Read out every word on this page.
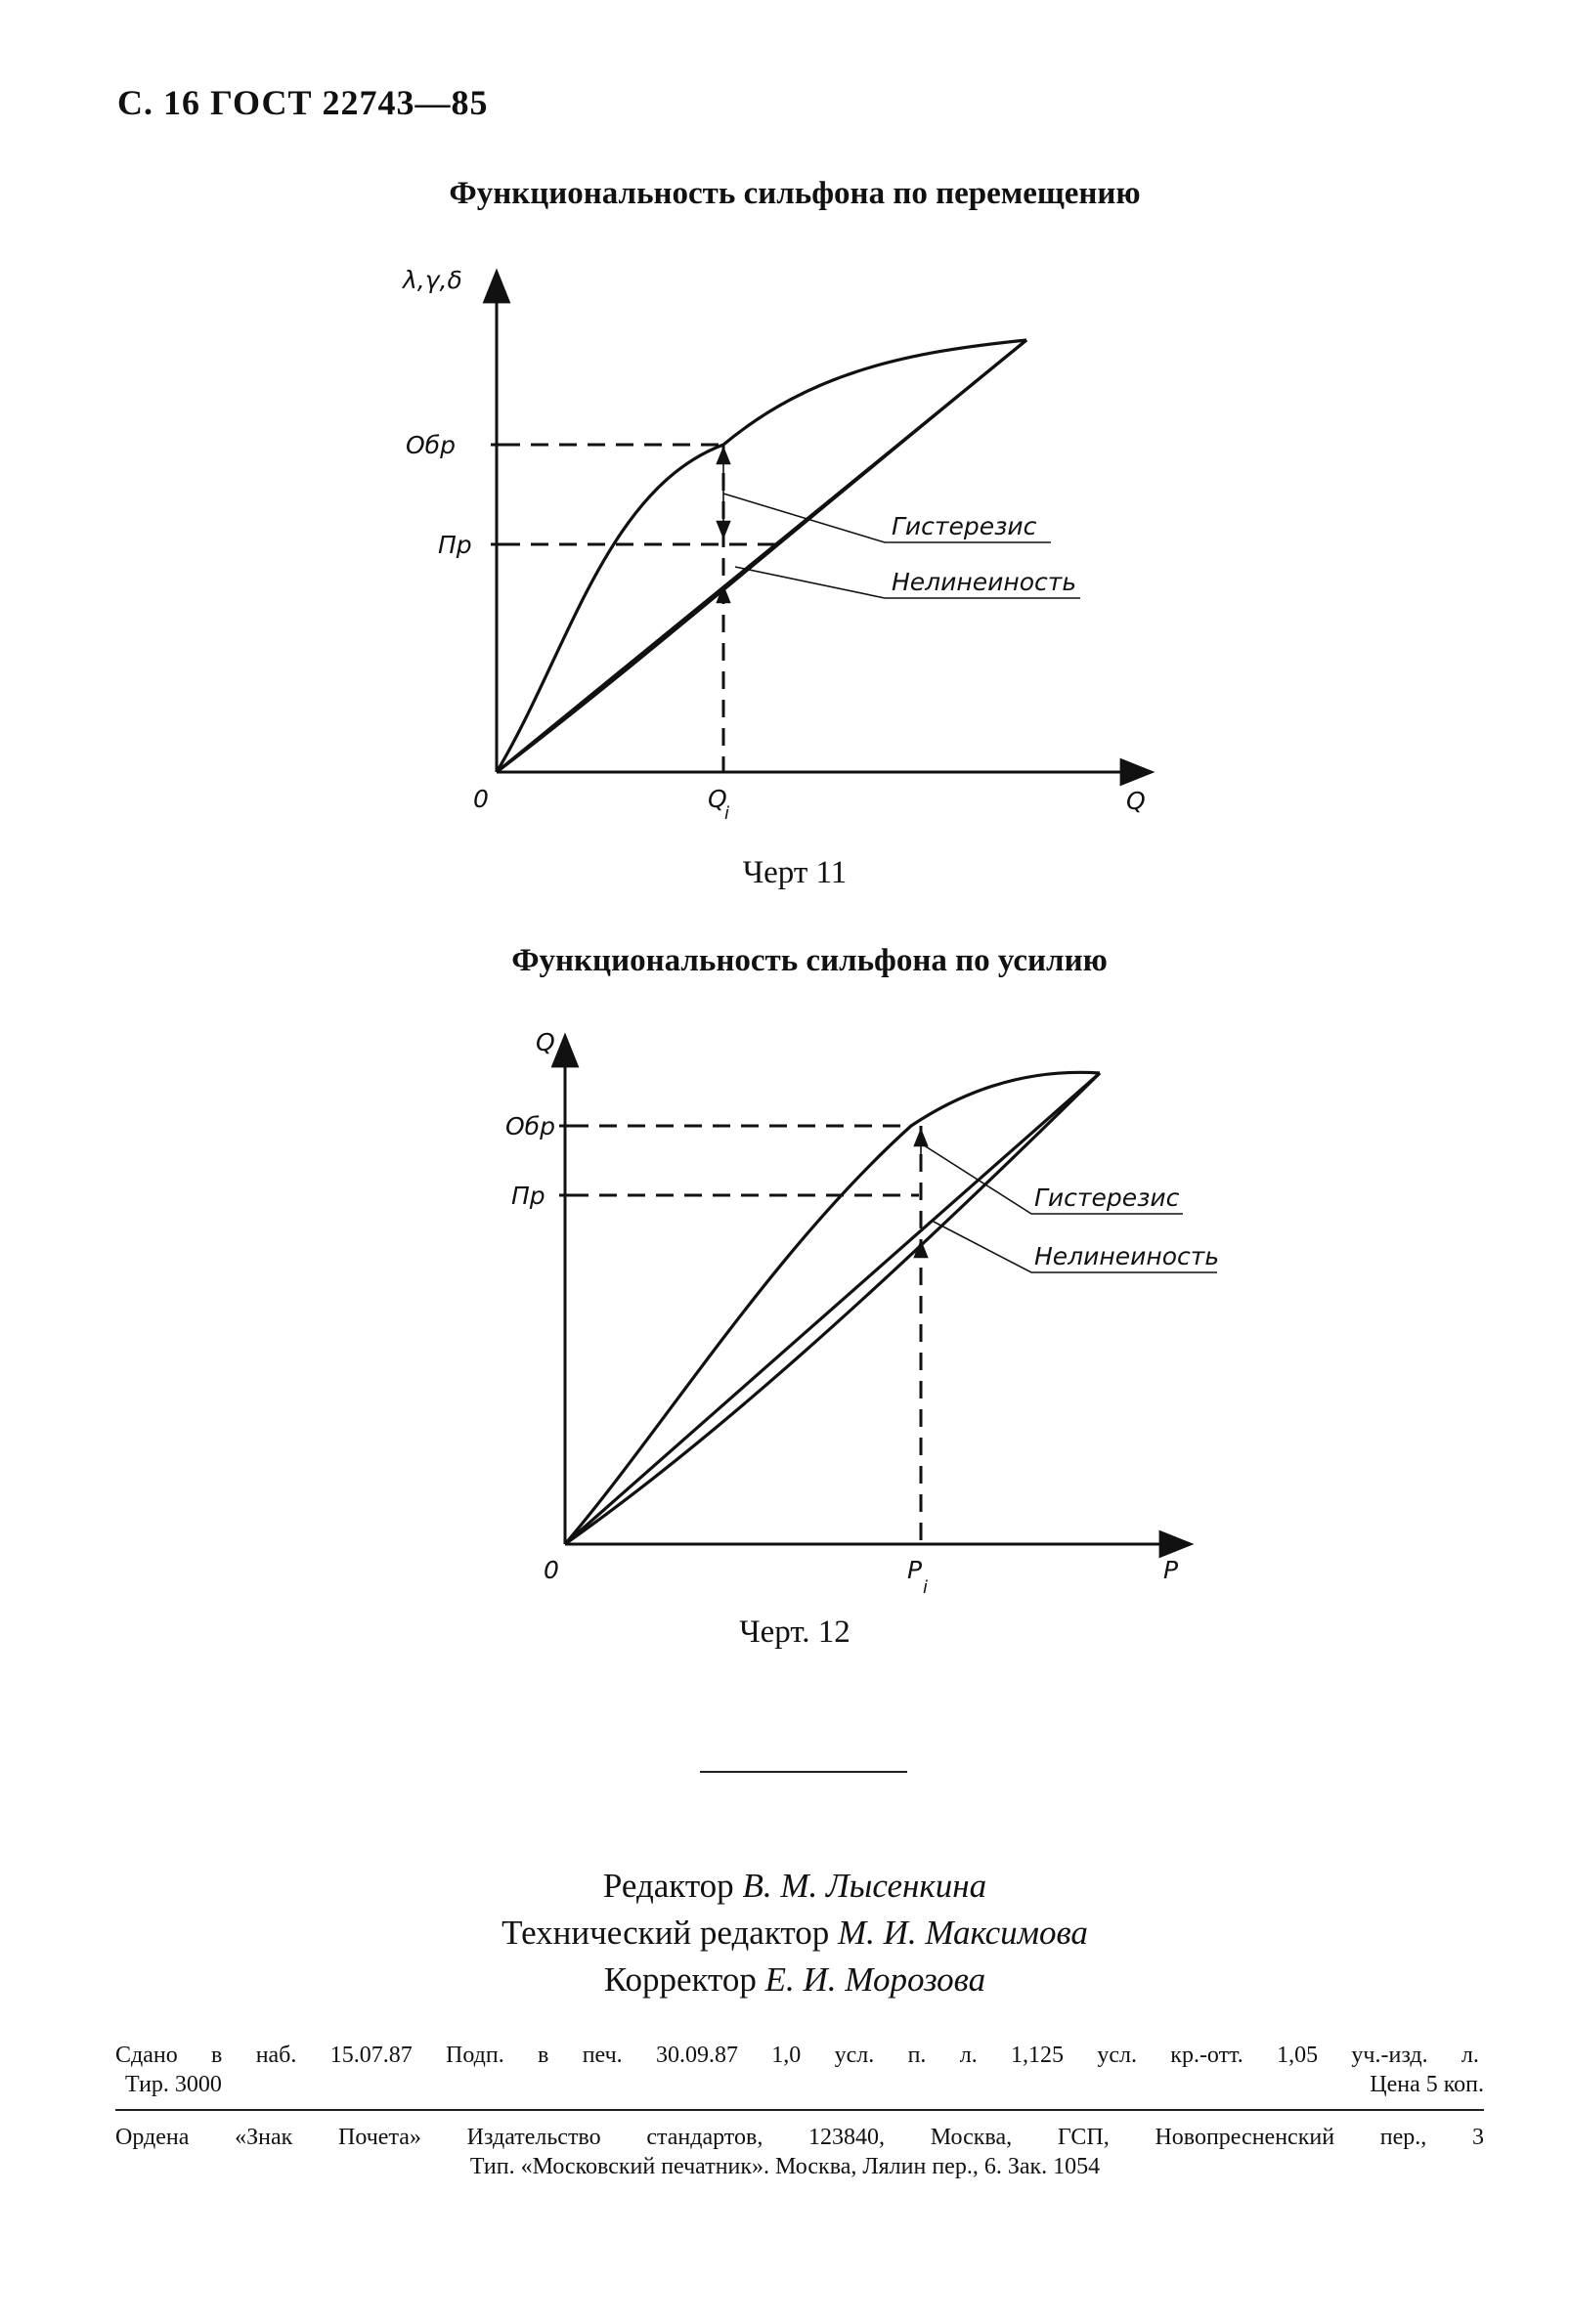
С. 16 ГОСТ 22743—85
Функциональность сильфона по перемещению
λ,γ,δ
Обр
Пр
0	Q
i	Q
Гистерезис
Нелинеиность
Черт 11
Функциональность сильфона по усилию
Q
Обр
Пр
0	P
i
P
Гистерезис
Нелинеиность
Черт. 12
Редактор В. М. Лысенкина
Технический редактор М. И. Максимова
Корректор Е. И. Морозова
Сдано в наб. 15.07.87 Подп. в печ. 30.09.87 1,0 усл. п. л. 1,125 усл. кр.-отт. 1,05 уч.-изд. л.
Тир. 3000	Цена 5 коп.
Ордена «Знак Почета» Издательство стандартов, 123840, Москва, ГСП, Новопресненский пер., 3
Тип. «Московский печатник». Москва, Лялин пер., 6. Зак. 1054
